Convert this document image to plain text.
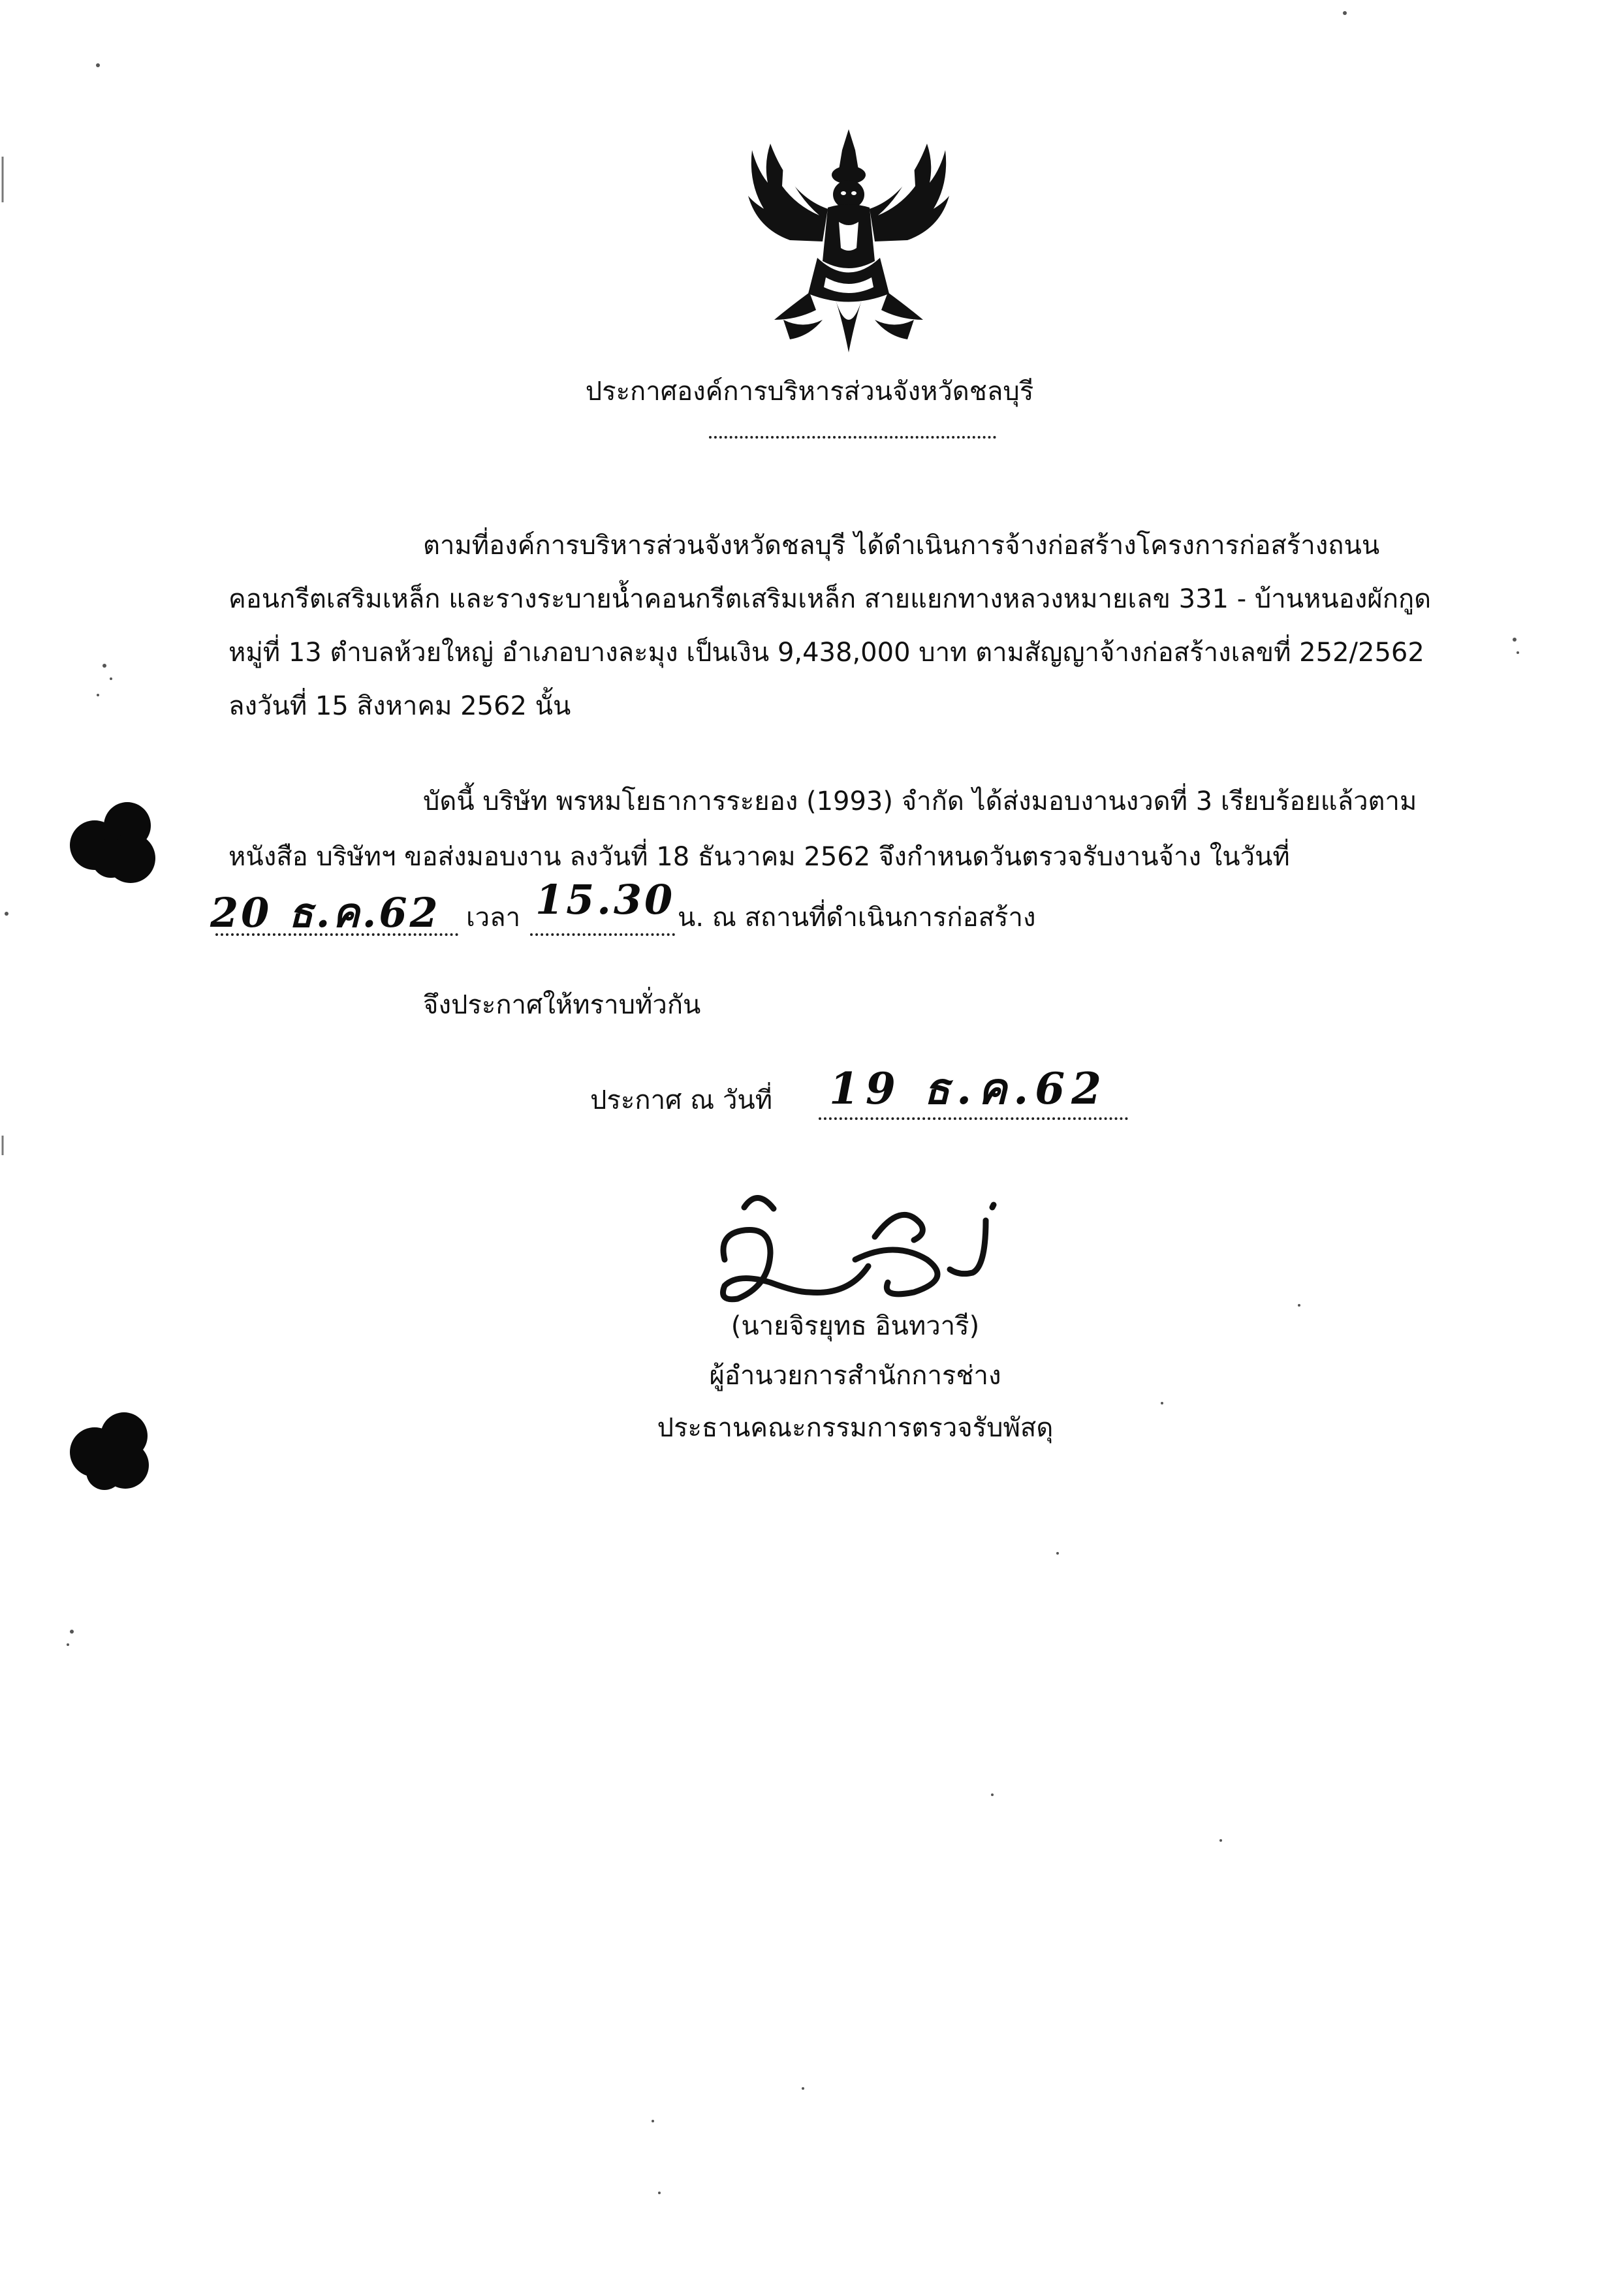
ประกาศองค์การบริหารส่วนจังหวัดชลบุรี
ตามที่องค์การบริหารส่วนจังหวัดชลบุรี ได้ดำเนินการจ้างก่อสร้างโครงการก่อสร้างถนน
คอนกรีตเสริมเหล็ก และรางระบายน้ำคอนกรีตเสริมเหล็ก สายแยกทางหลวงหมายเลข 331 - บ้านหนองผักกูด
หมู่ที่ 13 ตำบลห้วยใหญ่ อำเภอบางละมุง เป็นเงิน 9,438,000 บาท ตามสัญญาจ้างก่อสร้างเลขที่ 252/2562
ลงวันที่ 15 สิงหาคม 2562 นั้น
บัดนี้ บริษัท พรหมโยธาการระยอง (1993) จำกัด ได้ส่งมอบงานงวดที่ 3 เรียบร้อยแล้วตาม
หนังสือ บริษัทฯ ขอส่งมอบงาน ลงวันที่ 18 ธันวาคม 2562 จึงกำหนดวันตรวจรับงานจ้าง ในวันที่
20 ธ.ค.62 เวลา 15.30 น. ณ สถานที่ดำเนินการก่อสร้าง
จึงประกาศให้ทราบทั่วกัน
ประกาศ ณ วันที่ 19 ธ.ค.62
(นายจิรยุทธ อินทวารี)
ผู้อำนวยการสำนักการช่าง
ประธานคณะกรรมการตรวจรับพัสดุ
